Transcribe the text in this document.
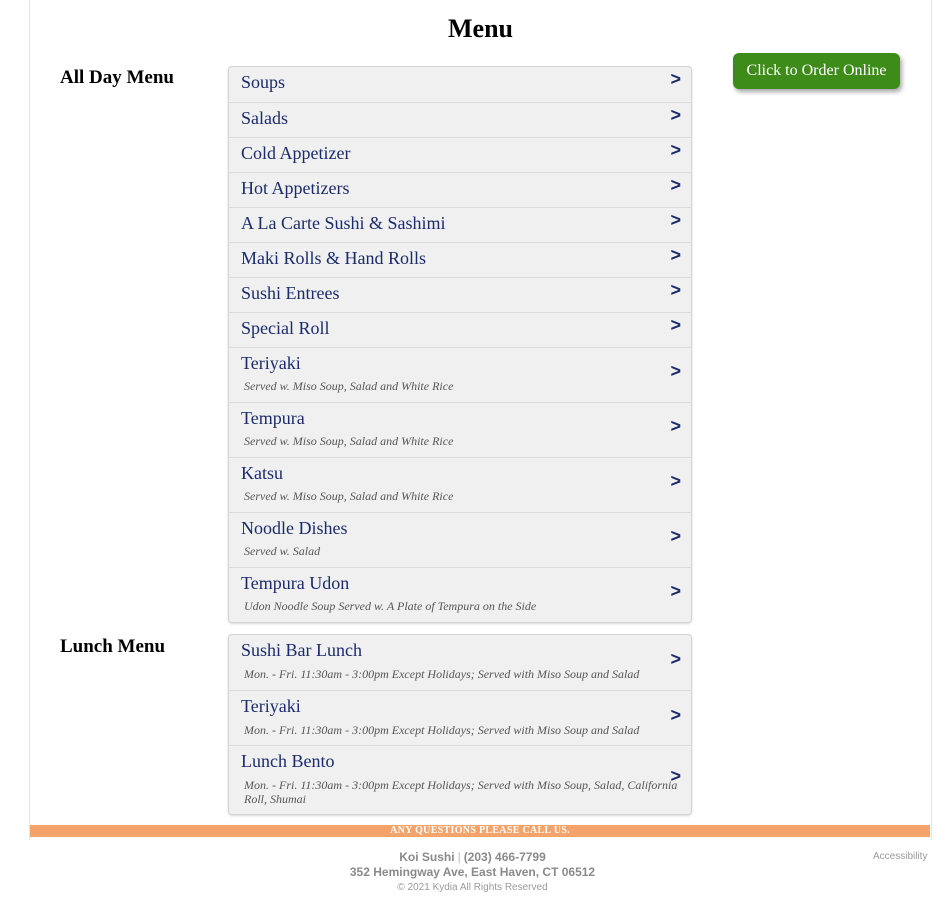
Menu
All Day Menu
Lunch Menu
Click to Order Online
Soups	>
Salads	>
Cold Appetizer	>
Hot Appetizers	>
A La Carte Sushi & Sashimi	>
Maki Rolls & Hand Rolls	>
Sushi Entrees	>
Special Roll	>
Teriyaki
Served w. Miso Soup, Salad and White Rice
>
Tempura
Served w. Miso Soup, Salad and White Rice
>
Katsu
Served w. Miso Soup, Salad and White Rice
>
Noodle Dishes
Served w. Salad
>
Tempura Udon
Udon Noodle Soup Served w. A Plate of Tempura on the Side
>
Sushi Bar Lunch
Mon. - Fri. 11:30am - 3:00pm Except Holidays; Served with Miso Soup and Salad
>
Teriyaki
Mon. - Fri. 11:30am - 3:00pm Except Holidays; Served with Miso Soup and Salad
>
Lunch Bento
Mon. - Fri. 11:30am - 3:00pm Except Holidays; Served with Miso Soup, Salad, California Roll, Shumai
>
ANY QUESTIONS PLEASE CALL US.
Koi Sushi | (203) 466-7799
352 Hemingway Ave, East Haven, CT 06512
© 2021 Kydia All Rights Reserved
Accessibility
